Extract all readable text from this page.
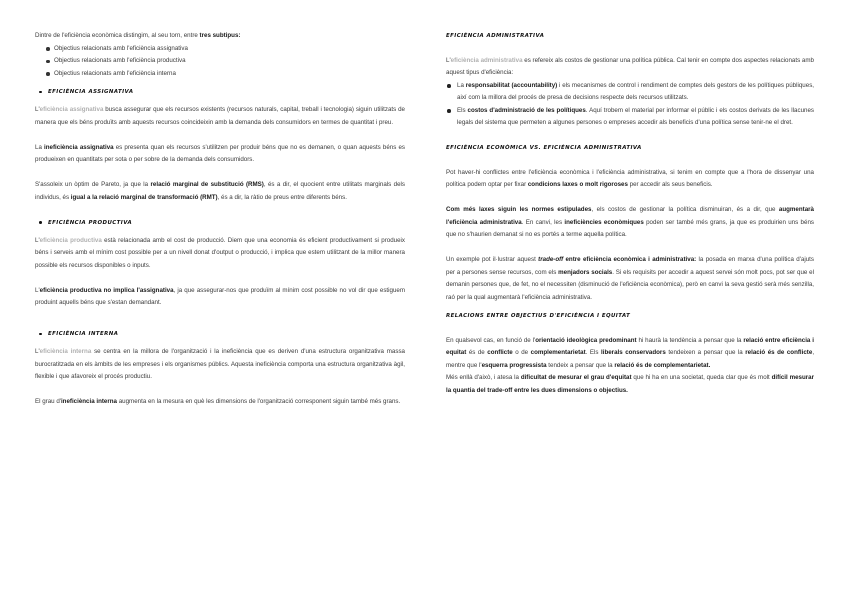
Dintre de l'eficiència econòmica distingim, al seu torn, entre tres subtipus:

Objectius relacionats amb l'eficiència assignativa
Objectius relacionats amb l'eficiència productiva
Objectius relacionats amb l'eficiència interna
EFICIÈNCIA ASSIGNATIVA

L'eficiència assignativa busca assegurar que els recursos existents (recursos naturals, capital, treball i tecnologia) siguin utilitzats de manera que els béns produïts amb aquests recursos coincideixin amb la demanda dels consumidors en termes de quantitat i preu.

La ineficiència assignativa es presenta quan els recursos s'utilitzen per produir béns que no es demanen, o quan aquests béns es produeixen en quantitats per sota o per sobre de la demanda dels consumidors.

S'assoleix un òptim de Pareto, ja que la relació marginal de substitució (RMS), és a dir, el quocient entre utilitats marginals dels individus, és igual a la relació marginal de transformació (RMT), és a dir, la ràtio de preus entre diferents béns.

EFICIÈNCIA PRODUCTIVA

L'eficiència productiva està relacionada amb el cost de producció. Diem que una economia és eficient productivament si produeix béns i serveis amb el mínim cost possible per a un nivell donat d'output o producció, i implica que estem utilitzant de la millor manera possible els recursos disponibles o inputs.

L'eficiència productiva no implica l'assignativa, ja que assegurar-nos que produïm al mínim cost possible no vol dir que estiguem produint aquells béns que s'estan demandant.

EFICIÈNCIA INTERNA

L'eficiència interna se centra en la millora de l'organització i la ineficiència que es deriven d'una estructura organitzativa massa burocratitzada en els àmbits de les empreses i els organismes públics. Aquesta ineficiència comporta una estructura organitzativa àgil, flexible i que afavoreix el procés productiu.

El grau d'ineficiència interna augmenta en la mesura en què les dimensions de l'organització corresponent siguin també més grans.

EFICIÈNCIA ADMINISTRATIVA

L'eficiència administrativa es refereix als costos de gestionar una política pública. Cal tenir en compte dos aspectes relacionats amb aquest tipus d'eficiència:

La responsabilitat (accountability) i els mecanismes de control i rendiment de comptes dels gestors de les polítiques públiques, així com la millora del procés de presa de decisions respecte dels recursos utilitzats.
Els costos d'administració de les polítiques. Aquí trobem el material per informar el públic i els costos derivats de les llacunes legals del sistema que permeten a algunes persones o empreses accedir als beneficis d'una política sense tenir-ne el dret.
EFICIÈNCIA ECONÒMICA VS. EFICIÈNCIA ADMINISTRATIVA

Pot haver-hi conflictes entre l'eficiència econòmica i l'eficiència administrativa, si tenim en compte que a l'hora de dissenyar una política podem optar per fixar condicions laxes o molt rigoroses per accedir als seus beneficis.

Com més laxes siguin les normes estipulades, els costos de gestionar la política disminuiran, és a dir, que augmentarà l'eficiència administrativa. En canvi, les ineficiències econòmiques poden ser també més grans, ja que es produirien uns béns que no s'haurien demanat si no es portés a terme aquella política.

Un exemple pot il·lustrar aquest trade-off entre eficiència econòmica i administrativa: la posada en marxa d'una política d'ajuts per a persones sense recursos, com els menjadors socials. Si els requisits per accedir a aquest servei són molt pocs, pot ser que el demanin persones que, de fet, no el necessiten (disminució de l'eficiència econòmica), però en canvi la seva gestió serà més senzilla, raó per la qual augmentarà l'eficiència administrativa.

RELACIONS ENTRE OBJECTIUS D'EFICIÈNCIA I EQUITAT

En qualsevol cas, en funció de l'orientació ideològica predominant hi haurà la tendència a pensar que la relació entre eficiència i equitat és de conflicte o de complementarietat. Els liberals conservadors tendeixen a pensar que la relació és de conflicte, mentre que l'esquerra progressista tendeix a pensar que la relació és de complementarietat.

Més enllà d'això, i atesa la dificultat de mesurar el grau d'equitat que hi ha en una societat, queda clar que és molt difícil mesurar la quantia del trade-off entre les dues dimensions o objectius.
